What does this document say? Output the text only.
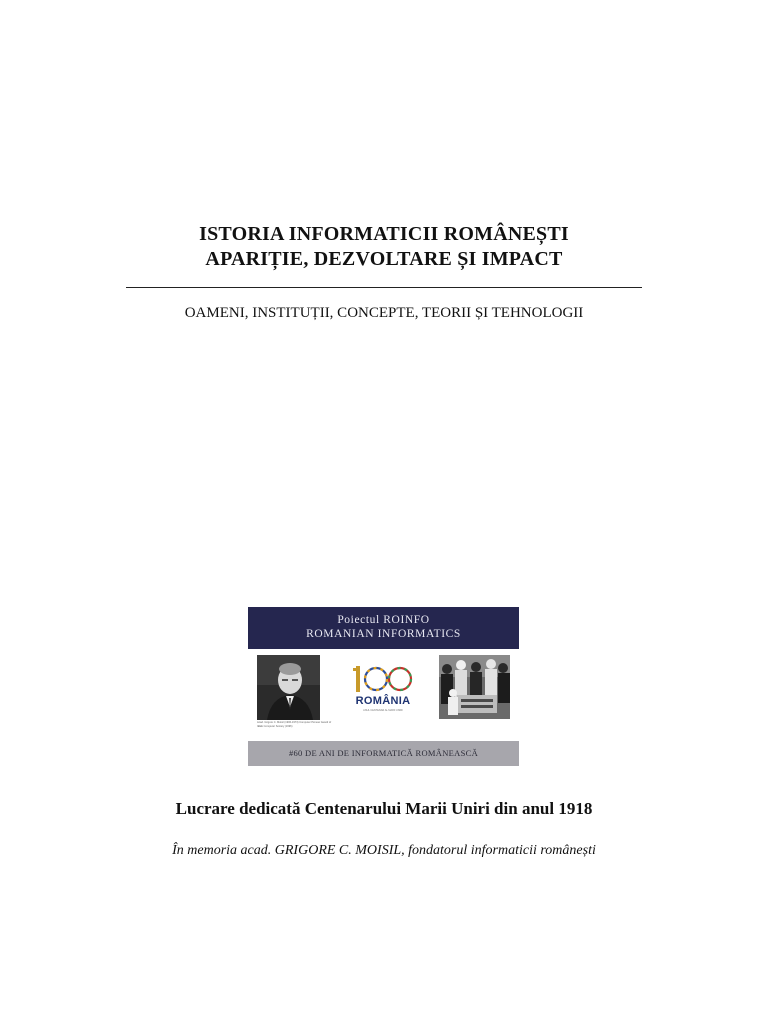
ISTORIA INFORMATICII ROMÂNEȘTI
APARIȚIE, DEZVOLTARE ȘI IMPACT
OAMENI, INSTITUȚII, CONCEPTE, TEORII ȘI TEHNOLOGII
Poiectul ROINFO
ROMANIAN INFORMATICS
Acad. Grigore C. Moisil (1906-1973) Computer Pioneer Award of IEEE Computer Society (1996)
ROMÂNIA
ANUL CENTENAR AL MARII UNIRI
#60 DE ANI DE INFORMATICĂ ROMÂNEASCĂ
Lucrare dedicată Centenarului Marii Uniri din anul 1918
În memoria acad. GRIGORE C. MOISIL, fondatorul informaticii românești
